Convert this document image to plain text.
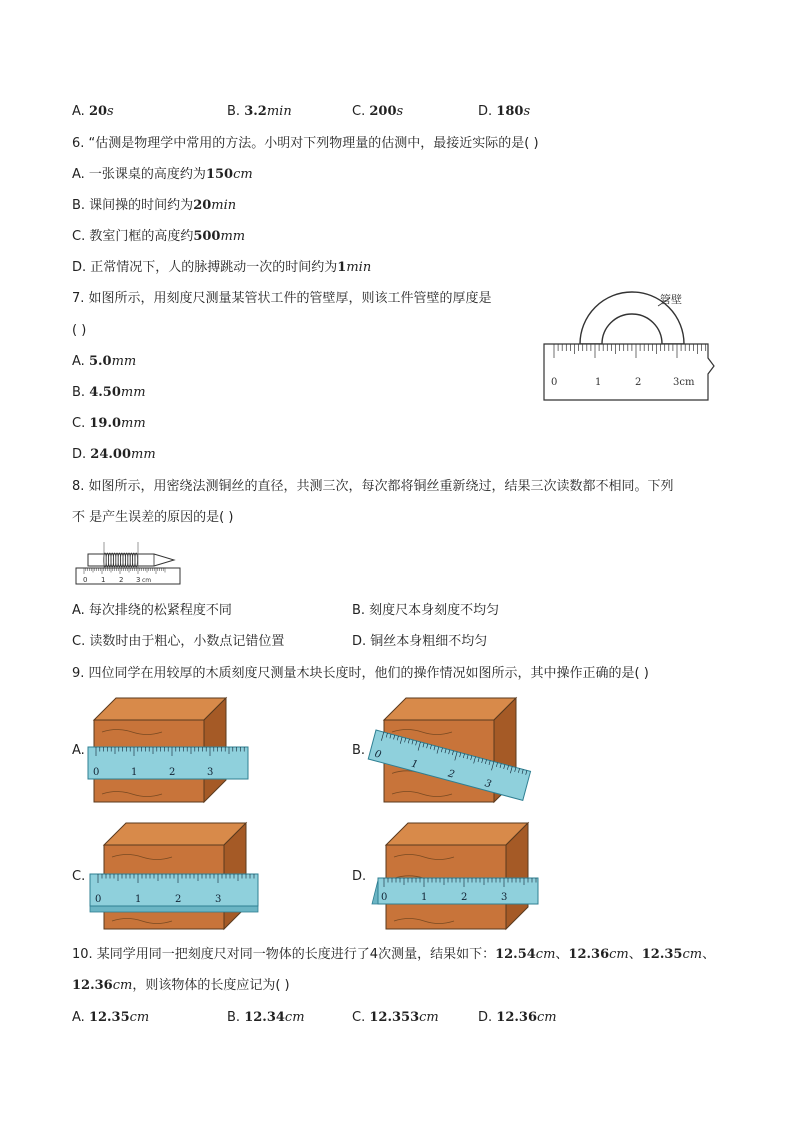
A. 20s	B. 3.2min	C. 200s	D. 180s
6. “估测是物理学中常用的方法。小明对下列物理量的估测中，最接近实际的是( )
A. 一张课桌的高度约为150cm
B. 课间操的时间约为20min
C. 教室门框的高度约500mm
D. 正常情况下，人的脉搏跳动一次的时间约为1min
7. 如图所示，用刻度尺测量某管状工件的管壁厚，则该工件管壁的厚度是
( )
A. 5.0mm
B. 4.50mm
C. 19.0mm
D. 24.00mm
管壁
0	1	2	3cm
8. 如图所示，用密绕法测铜丝的直径，共测三次，每次都将铜丝重新绕过，结果三次读数都不相同。下列
不 是产生误差的原因的是( )
0 1 2 3 cm
A. 每次排绕的松紧程度不同	B. 刻度尺本身刻度不均匀
C. 读数时由于粗心，小数点记错位置	D. 铜丝本身粗细不均匀
9. 四位同学在用较厚的木质刻度尺测量木块长度时，他们的操作情况如图所示，其中操作正确的是( )
A.	B.
C.	D.
0	1	2	3
0
1
2
3
0	1	2	3	0	1	2	3
10. 某同学用同一把刻度尺对同一物体的长度进行了4次测量，结果如下：12.54cm、12.36cm、12.35cm、
12.36cm，则该物体的长度应记为( )
A. 12.35cm	B. 12.34cm	C. 12.353cm	D. 12.36cm
